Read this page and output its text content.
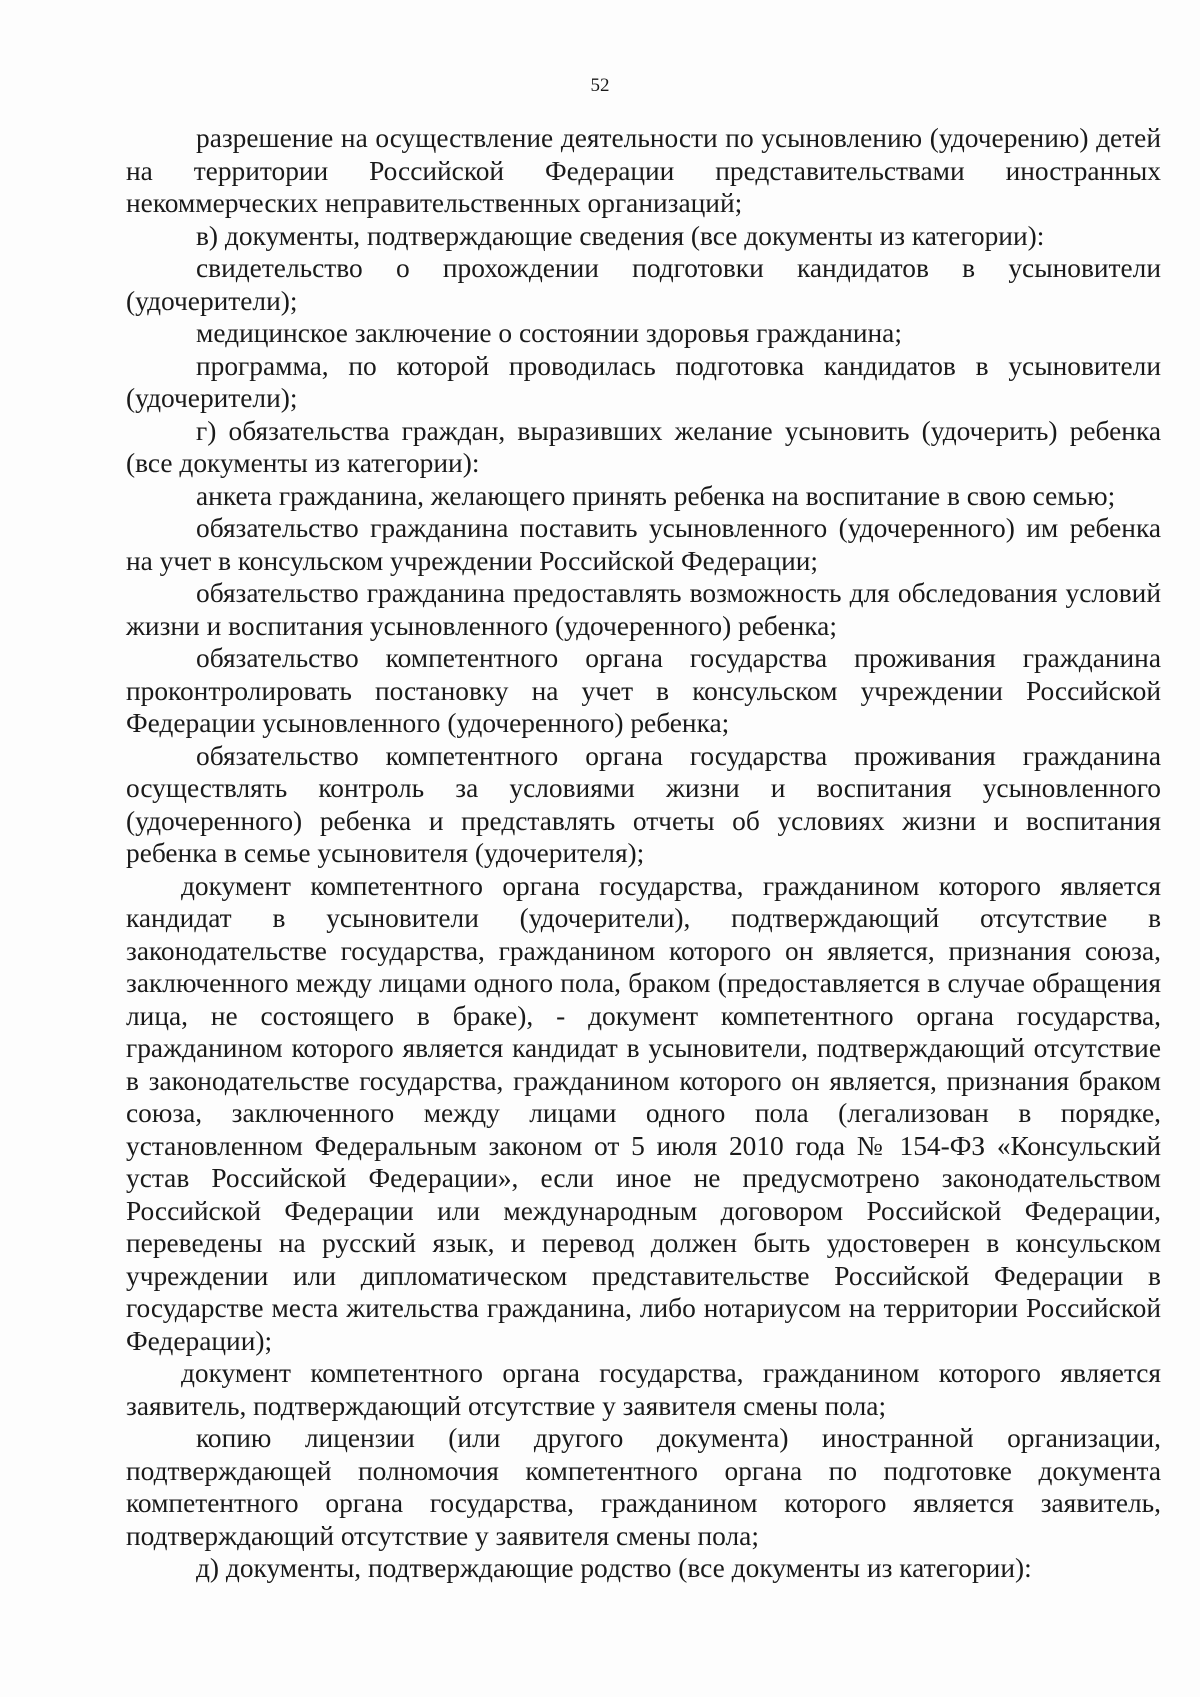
52

разрешение на осуществление деятельности по усыновлению (удочерению) детей на территории Российской Федерации представительствами иностранных некоммерческих неправительственных организаций;

в) документы, подтверждающие сведения (все документы из категории):

свидетельство о прохождении подготовки кандидатов в усыновители (удочерители);

медицинское заключение о состоянии здоровья гражданина;

программа, по которой проводилась подготовка кандидатов в усыновители (удочерители);

г) обязательства граждан, выразивших желание усыновить (удочерить) ребенка (все документы из категории):

анкета гражданина, желающего принять ребенка на воспитание в свою семью;

обязательство гражданина поставить усыновленного (удочеренного) им ребенка на учет в консульском учреждении Российской Федерации;

обязательство гражданина предоставлять возможность для обследования условий жизни и воспитания усыновленного (удочеренного) ребенка;

обязательство компетентного органа государства проживания гражданина проконтролировать постановку на учет в консульском учреждении Российской Федерации усыновленного (удочеренного) ребенка;

обязательство компетентного органа государства проживания гражданина осуществлять контроль за условиями жизни и воспитания усыновленного (удочеренного) ребенка и представлять отчеты об условиях жизни и воспитания ребенка в семье усыновителя (удочерителя);

документ компетентного органа государства, гражданином которого является кандидат в усыновители (удочерители), подтверждающий отсутствие в законодательстве государства, гражданином которого он является, признания союза, заключенного между лицами одного пола, браком (предоставляется в случае обращения лица, не состоящего в браке), - документ компетентного органа государства, гражданином которого является кандидат в усыновители, подтверждающий отсутствие в законодательстве государства, гражданином которого он является, признания браком союза, заключенного между лицами одного пола (легализован в порядке, установленном Федеральным законом от 5 июля 2010 года № 154-ФЗ «Консульский устав Российской Федерации», если иное не предусмотрено законодательством Российской Федерации или международным договором Российской Федерации, переведены на русский язык, и перевод должен быть удостоверен в консульском учреждении или дипломатическом представительстве Российской Федерации в государстве места жительства гражданина, либо нотариусом на территории Российской Федерации);

документ компетентного органа государства, гражданином которого является заявитель, подтверждающий отсутствие у заявителя смены пола;

копию лицензии (или другого документа) иностранной организации, подтверждающей полномочия компетентного органа по подготовке документа компетентного органа государства, гражданином которого является заявитель, подтверждающий отсутствие у заявителя смены пола;

д) документы, подтверждающие родство (все документы из категории):
